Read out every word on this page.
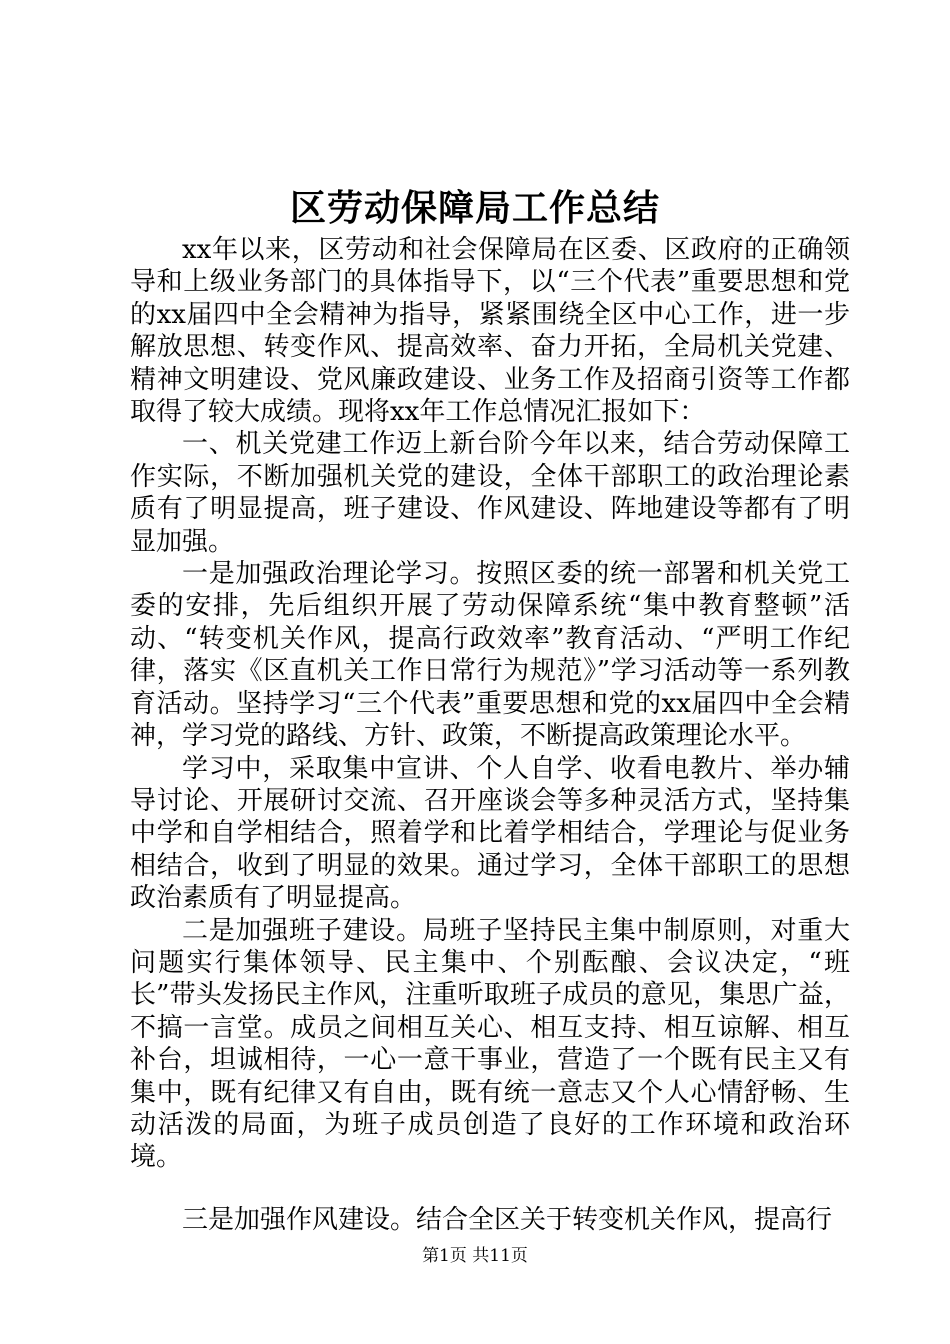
区劳动保障局工作总结

xx年以来，区劳动和社会保障局在区委、区政府的正确领导和上级业务部门的具体指导下，以“三个代表”重要思想和党的xx届四中全会精神为指导，紧紧围绕全区中心工作，进一步解放思想、转变作风、提高效率、奋力开拓，全局机关党建、精神文明建设、党风廉政建设、业务工作及招商引资等工作都取得了较大成绩。现将xx年工作总情况汇报如下：

一、机关党建工作迈上新台阶今年以来，结合劳动保障工作实际，不断加强机关党的建设，全体干部职工的政治理论素质有了明显提高，班子建设、作风建设、阵地建设等都有了明显加强。

一是加强政治理论学习。按照区委的统一部署和机关党工委的安排，先后组织开展了劳动保障系统“集中教育整顿”活动、“转变机关作风，提高行政效率”教育活动、“严明工作纪律，落实《区直机关工作日常行为规范》”学习活动等一系列教育活动。坚持学习“三个代表”重要思想和党的xx届四中全会精神，学习党的路线、方针、政策，不断提高政策理论水平。

学习中，采取集中宣讲、个人自学、收看电教片、举办辅导讨论、开展研讨交流、召开座谈会等多种灵活方式，坚持集中学和自学相结合，照着学和比着学相结合，学理论与促业务相结合，收到了明显的效果。通过学习，全体干部职工的思想政治素质有了明显提高。

二是加强班子建设。局班子坚持民主集中制原则，对重大问题实行集体领导、民主集中、个别酝酿、会议决定，“班长”带头发扬民主作风，注重听取班子成员的意见，集思广益，不搞一言堂。成员之间相互关心、相互支持、相互谅解、相互补台，坦诚相待，一心一意干事业，营造了一个既有民主又有集中，既有纪律又有自由，既有统一意志又个人心情舒畅、生动活泼的局面，为班子成员创造了良好的工作环境和政治环境。

三是加强作风建设。结合全区关于转变机关作风，提高行

第1页 共11页
